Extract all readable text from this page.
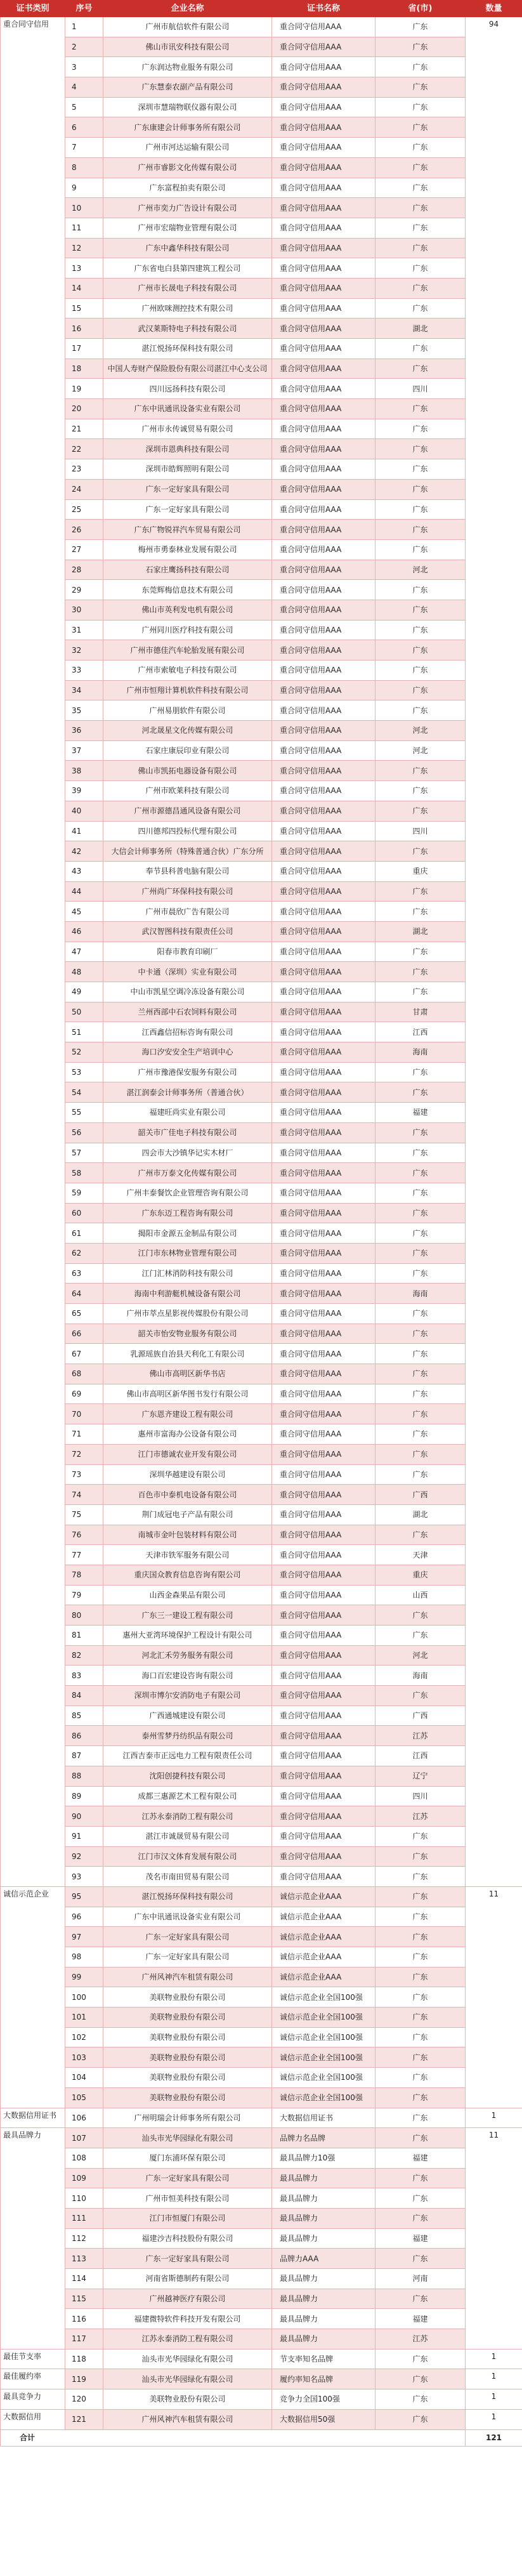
证书类别	序号	企业名称	证书名称	省(市)	数量
重合同守信用	1	广州市航信软件有限公司	重合同守信用AAA	广东	94
	2	佛山市讯安科技有限公司	重合同守信用AAA	广东	
	3	广东润达物业服务有限公司	重合同守信用AAA	广东	
	4	广东慧泰农副产品有限公司	重合同守信用AAA	广东	
	5	深圳市慧瑞物联仪器有限公司	重合同守信用AAA	广东	
	6	广东康建会计师事务所有限公司	重合同守信用AAA	广东	
	7	广州市河达运输有限公司	重合同守信用AAA	广东	
	8	广州市睿影文化传媒有限公司	重合同守信用AAA	广东	
	9	广东富程拍卖有限公司	重合同守信用AAA	广东	
	10	广州市奕力广告设计有限公司	重合同守信用AAA	广东	
	11	广州市宏瑞物业管理有限公司	重合同守信用AAA	广东	
	12	广东中鑫华科技有限公司	重合同守信用AAA	广东	
	13	广东省电白县第四建筑工程公司	重合同守信用AAA	广东	
	14	广州市长晟电子科技有限公司	重合同守信用AAA	广东	
	15	广州欧咪测控技术有限公司	重合同守信用AAA	广东	
	16	武汉莱斯特电子科技有限公司	重合同守信用AAA	湖北	
	17	湛江悦扬环保科技有限公司	重合同守信用AAA	广东	
	18	中国人寿财产保险股份有限公司湛江中心支公司	重合同守信用AAA	广东	
	19	四川远扬科技有限公司	重合同守信用AAA	四川	
	20	广东中讯通讯设备实业有限公司	重合同守信用AAA	广东	
	21	广州市永传诚贸易有限公司	重合同守信用AAA	广东	
	22	深圳市恩典科技有限公司	重合同守信用AAA	广东	
	23	深圳市皓辉照明有限公司	重合同守信用AAA	广东	
	24	广东一定好家具有限公司	重合同守信用AAA	广东	
	25	广东一定好家具有限公司	重合同守信用AAA	广东	
	26	广东广物锐祥汽车贸易有限公司	重合同守信用AAA	广东	
	27	梅州市勇泰林业发展有限公司	重合同守信用AAA	广东	
	28	石家庄鹰扬科技有限公司	重合同守信用AAA	河北	
	29	东莞辉梅信息技术有限公司	重合同守信用AAA	广东	
	30	佛山市英利发电机有限公司	重合同守信用AAA	广东	
	31	广州同川医疗科技有限公司	重合同守信用AAA	广东	
	32	广州市德佳汽车轮胎发展有限公司	重合同守信用AAA	广东	
	33	广州市索敏电子科技有限公司	重合同守信用AAA	广东	
	34	广州市恒翔计算机软件科技有限公司	重合同守信用AAA	广东	
	35	广州易朋软件有限公司	重合同守信用AAA	广东	
	36	河北晟星文化传媒有限公司	重合同守信用AAA	河北	
	37	石家庄康辰印业有限公司	重合同守信用AAA	河北	
	38	佛山市凯拓电器设备有限公司	重合同守信用AAA	广东	
	39	广州市欧莱科技有限公司	重合同守信用AAA	广东	
	40	广州市源德昌通风设备有限公司	重合同守信用AAA	广东	
	41	四川德邦四投标代理有限公司	重合同守信用AAA	四川	
	42	大信会计师事务所（特殊普通合伙）广东分所	重合同守信用AAA	广东	
	43	奉节县科普电脑有限公司	重合同守信用AAA	重庆	
	44	广州尚广环保科技有限公司	重合同守信用AAA	广东	
	45	广州市晨欣广告有限公司	重合同守信用AAA	广东	
	46	武汉智图科技有限责任公司	重合同守信用AAA	湖北	
	47	阳春市教育印刷厂	重合同守信用AAA	广东	
	48	中卡通（深圳）实业有限公司	重合同守信用AAA	广东	
	49	中山市凯星空调冷冻设备有限公司	重合同守信用AAA	广东	
	50	兰州西部中石农饲料有限公司	重合同守信用AAA	甘肃	
	51	江西鑫信招标咨询有限公司	重合同守信用AAA	江西	
	52	海口汐安安全生产培训中心	重合同守信用AAA	海南	
	53	广州市豫港保安服务有限公司	重合同守信用AAA	广东	
	54	湛江润泰会计师事务所（普通合伙）	重合同守信用AAA	广东	
	55	福建旺尚实业有限公司	重合同守信用AAA	福建	
	56	韶关市广佳电子科技有限公司	重合同守信用AAA	广东	
	57	四会市大沙镇华记实木材厂	重合同守信用AAA	广东	
	58	广州市万泰文化传媒有限公司	重合同守信用AAA	广东	
	59	广州丰泰餐饮企业管理咨询有限公司	重合同守信用AAA	广东	
	60	广东东迈工程咨询有限公司	重合同守信用AAA	广东	
	61	揭阳市金源五金制品有限公司	重合同守信用AAA	广东	
	62	江门市东林物业管理有限公司	重合同守信用AAA	广东	
	63	江门汇林消防科技有限公司	重合同守信用AAA	广东	
	64	海南中利游艇机械设备有限公司	重合同守信用AAA	海南	
	65	广州市萃点星影视传媒股份有限公司	重合同守信用AAA	广东	
	66	韶关市怡安物业服务有限公司	重合同守信用AAA	广东	
	67	乳源瑶族自治县天利化工有限公司	重合同守信用AAA	广东	
	68	佛山市高明区新华书店	重合同守信用AAA	广东	
	69	佛山市高明区新华图书发行有限公司	重合同守信用AAA	广东	
	70	广东恩齐建设工程有限公司	重合同守信用AAA	广东	
	71	惠州市富海办公设备有限公司	重合同守信用AAA	广东	
	72	江门市德诚农业开发有限公司	重合同守信用AAA	广东	
	73	深圳华越建设有限公司	重合同守信用AAA	广东	
	74	百色市中泰机电设备有限公司	重合同守信用AAA	广西	
	75	荆门成冠电子产品有限公司	重合同守信用AAA	湖北	
	76	南城市金叶包装材料有限公司	重合同守信用AAA	广东	
	77	天津市铁军服务有限公司	重合同守信用AAA	天津	
	78	重庆国众教育信息咨询有限公司	重合同守信用AAA	重庆	
	79	山西金森果品有限公司	重合同守信用AAA	山西	
	80	广东三一建设工程有限公司	重合同守信用AAA	广东	
	81	惠州大亚湾环境保护工程设计有限公司	重合同守信用AAA	广东	
	82	河北汇禾劳务服务有限公司	重合同守信用AAA	河北	
	83	海口百宏建设咨询有限公司	重合同守信用AAA	海南	
	84	深圳市博尔安消防电子有限公司	重合同守信用AAA	广东	
	85	广西通城建设有限公司	重合同守信用AAA	广西	
	86	泰州雪梦丹纺织品有限公司	重合同守信用AAA	江苏	
	87	江西吉泰市正远电力工程有限责任公司	重合同守信用AAA	江西	
	88	沈阳创捷科技有限公司	重合同守信用AAA	辽宁	
	89	成都三惠源艺术工程有限公司	重合同守信用AAA	四川	
	90	江苏永泰消防工程有限公司	重合同守信用AAA	江苏	
	91	湛江市诚晟贸易有限公司	重合同守信用AAA	广东	
	92	江门市汉文体育发展有限公司	重合同守信用AAA	广东	
	93	茂名市南田贸易有限公司	重合同守信用AAA	广东	
诚信示范企业	95	湛江悦扬环保科技有限公司	诚信示范企业AAA	广东	11
	96	广东中讯通讯设备实业有限公司	诚信示范企业AAA	广东	
	97	广东一定好家具有限公司	诚信示范企业AAA	广东	
	98	广东一定好家具有限公司	诚信示范企业AAA	广东	
	99	广州风神汽车租赁有限公司	诚信示范企业AAA	广东	
	100	美联物业股份有限公司	诚信示范企业全国100强	广东	
	101	美联物业股份有限公司	诚信示范企业全国100强	广东	
	102	美联物业股份有限公司	诚信示范企业全国100强	广东	
	103	美联物业股份有限公司	诚信示范企业全国100强	广东	
	104	美联物业股份有限公司	诚信示范企业全国100强	广东	
	105	美联物业股份有限公司	诚信示范企业全国100强	广东	
大数据信用证书	106	广州明瑞会计师事务所有限公司	大数据信用证书	广东	1
最具品牌力	107	汕头市光华园绿化有限公司	品牌力名品牌	广东	11
	108	厦门东浦环保有限公司	最具品牌力10强	福建	
	109	广东一定好家具有限公司	最具品牌力	广东	
	110	广州市恒美科技有限公司	最具品牌力	广东	
	111	江门市恒厦门有限公司	最具品牌力	广东	
	112	福建沙吉科技股份有限公司	最具品牌力	福建	
	113	广东一定好家具有限公司	品牌力AAA	广东	
	114	河南省斯德制药有限公司	最具品牌力	河南	
	115	广州越神医疗有限公司	最具品牌力	广东	
	116	福建微特软件科技开发有限公司	最具品牌力	福建	
	117	江苏永泰消防工程有限公司	最具品牌力	江苏	
最佳节支率	118	汕头市光华园绿化有限公司	节支率知名品牌	广东	1
最佳履约率	119	汕头市光华园绿化有限公司	履约率知名品牌	广东	1
最具竞争力	120	美联物业股份有限公司	竞争力全国100强	广东	1
大数据信用	121	广州风神汽车租赁有限公司	大数据信用50强	广东	1
合计					121
